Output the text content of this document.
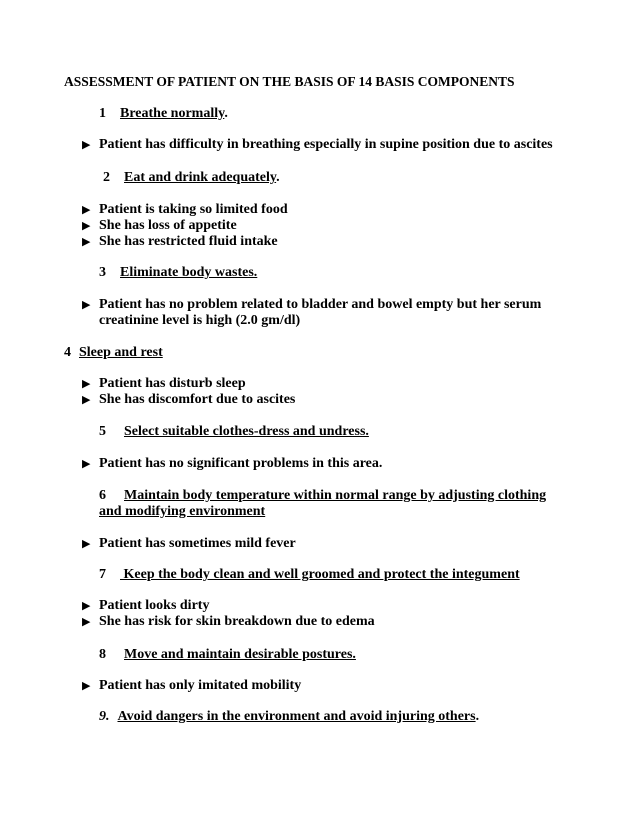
ASSESSMENT OF PATIENT ON THE BASIS OF 14 BASIS COMPONENTS
1 Breathe normally.
▶ Patient has difficulty in breathing especially in supine position due to ascites
2 Eat and drink adequately.
▶ Patient is taking so limited food
▶ She has loss of appetite
▶ She has restricted fluid intake
3 Eliminate body wastes.
▶ Patient has no problem related to bladder and bowel empty but her serum
creatinine level is high (2.0 gm/dl)
4 Sleep and rest
▶ Patient has disturb sleep
▶ She has discomfort due to ascites
5 Select suitable clothes-dress and undress.
▶ Patient has no significant problems in this area.
6 Maintain body temperature within normal range by adjusting clothing
and modifying environment
▶ Patient has sometimes mild fever
7 Keep the body clean and well groomed and protect the integument
▶ Patient looks dirty
▶ She has risk for skin breakdown due to edema
8 Move and maintain desirable postures.
▶ Patient has only imitated mobility
9. Avoid dangers in the environment and avoid injuring others.
